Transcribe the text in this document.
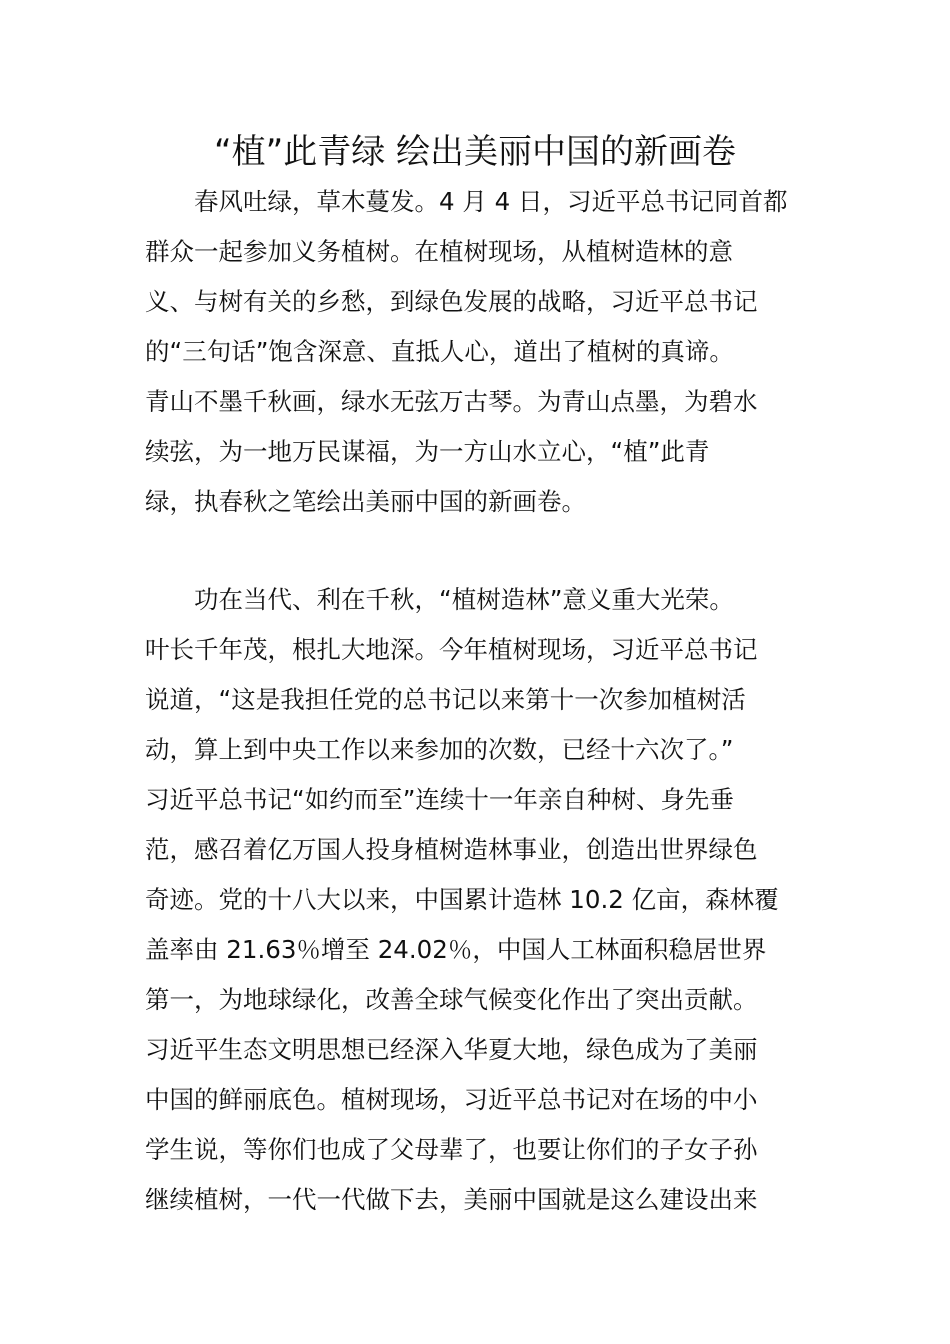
“植”此青绿 绘出美丽中国的新画卷
　　春风吐绿，草木蔓发。4 月 4 日，习近平总书记同首都
群众一起参加义务植树。在植树现场，从植树造林的意
义、与树有关的乡愁，到绿色发展的战略，习近平总书记
的“三句话”饱含深意、直抵人心，道出了植树的真谛。
青山不墨千秋画，绿水无弦万古琴。为青山点墨，为碧水
续弦，为一地万民谋福，为一方山水立心，“植”此青
绿，执春秋之笔绘出美丽中国的新画卷。
　　功在当代、利在千秋，“植树造林”意义重大光荣。
叶长千年茂，根扎大地深。今年植树现场，习近平总书记
说道，“这是我担任党的总书记以来第十一次参加植树活
动，算上到中央工作以来参加的次数，已经十六次了。”
习近平总书记“如约而至”连续十一年亲自种树、身先垂
范，感召着亿万国人投身植树造林事业，创造出世界绿色
奇迹。党的十八大以来，中国累计造林 10.2 亿亩，森林覆
盖率由 21.63％增至 24.02％，中国人工林面积稳居世界
第一，为地球绿化，改善全球气候变化作出了突出贡献。
习近平生态文明思想已经深入华夏大地，绿色成为了美丽
中国的鲜丽底色。植树现场，习近平总书记对在场的中小
学生说，等你们也成了父母辈了，也要让你们的子女子孙
继续植树，一代一代做下去，美丽中国就是这么建设出来
